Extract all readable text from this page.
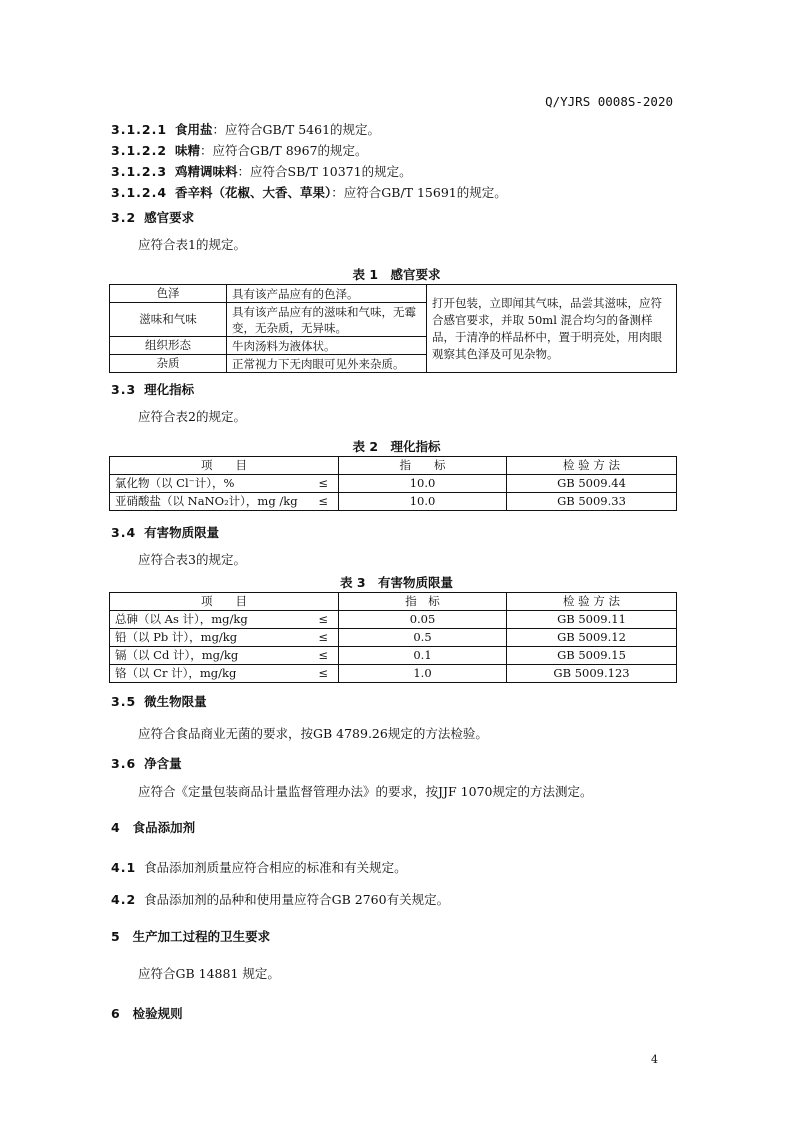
Q/YJRS 0008S-2020
3.1.2.1 食用盐：应符合GB/T 5461的规定。
3.1.2.2 味精：应符合GB/T 8967的规定。
3.1.2.3 鸡精调味料：应符合SB/T 10371的规定。
3.1.2.4 香辛料（花椒、大香、草果）：应符合GB/T 15691的规定。
3.2 感官要求
应符合表1的规定。
表 1　感官要求
色泽	具有该产品应有的色泽。	打开包装，立即闻其气味，品尝其滋味，应符合感官要求，并取 50ml 混合均匀的备测样品，于清净的样品杯中，置于明亮处，用肉眼观察其色泽及可见杂物。
滋味和气味	具有该产品应有的滋味和气味，无霉变，无杂质，无异味。	
组织形态	牛肉汤料为液体状。	
杂质	正常视力下无肉眼可见外来杂质。	
3.3 理化指标
应符合表2的规定。
表 2　理化指标
项　　目		指　　标	检 验 方 法
氯化物（以 Cl⁻计），%	≤	10.0	GB 5009.44
亚硝酸盐（以 NaNO₂计），mg /kg	≤	10.0	GB 5009.33
3.4 有害物质限量
应符合表3的规定。
表 3　有害物质限量
项　　目		指　标	检 验 方 法
总砷（以 As 计），mg/kg	≤	0.05	GB 5009.11
铅（以 Pb 计），mg/kg	≤	0.5	GB 5009.12
镉（以 Cd 计），mg/kg	≤	0.1	GB 5009.15
铬（以 Cr 计），mg/kg	≤	1.0	GB 5009.123
3.5 微生物限量
应符合食品商业无菌的要求，按GB 4789.26规定的方法检验。
3.6 净含量
应符合《定量包装商品计量监督管理办法》的要求，按JJF 1070规定的方法测定。
4 食品添加剂
4.1 食品添加剂质量应符合相应的标准和有关规定。
4.2 食品添加剂的品种和使用量应符合GB 2760有关规定。
5 生产加工过程的卫生要求
应符合GB 14881 规定。
6 检验规则
4
